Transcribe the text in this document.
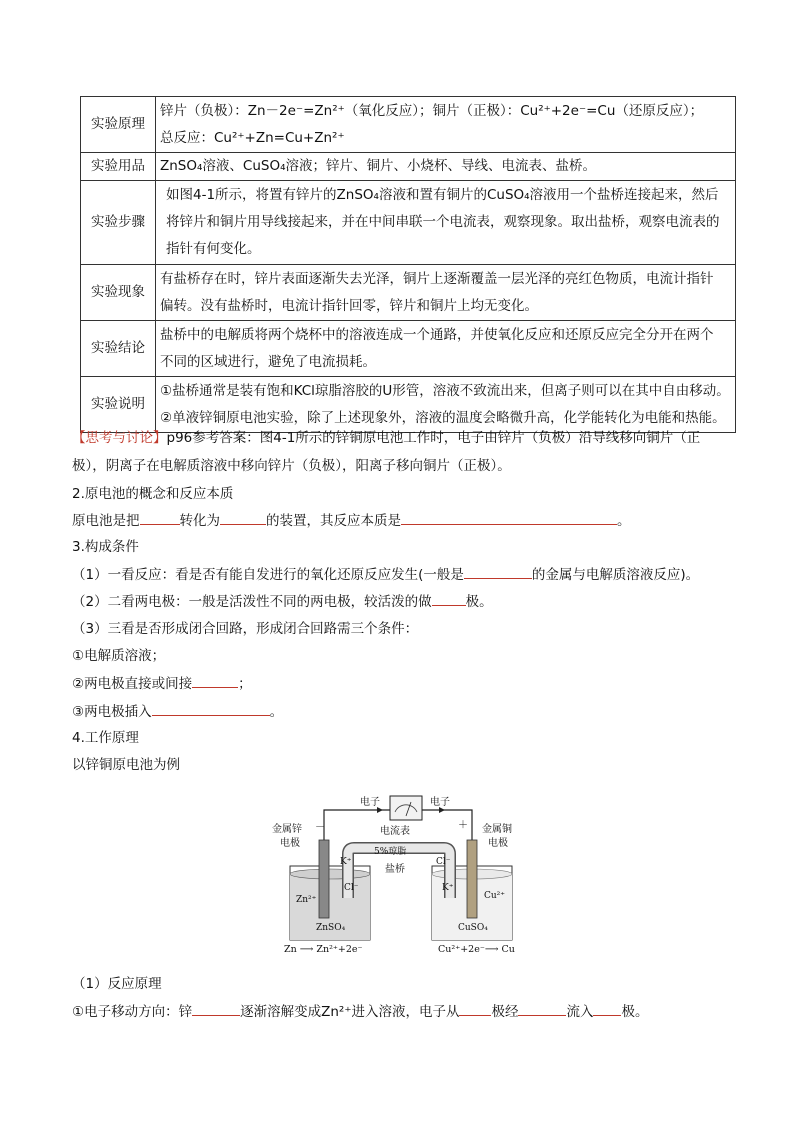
实验原理	锌片（负极）：Zn－2e⁻=Zn²⁺（氧化反应）；铜片（正极）：Cu²⁺+2e⁻=Cu（还原反应）；
总反应：Cu²⁺+Zn=Cu+Zn²⁺

实验用品	ZnSO₄溶液、CuSO₄溶液；锌片、铜片、小烧杯、导线、电流表、盐桥。

实验步骤	如图4-1所示，将置有锌片的ZnSO₄溶液和置有铜片的CuSO₄溶液用一个盐桥连接起来，然后
将锌片和铜片用导线接起来，并在中间串联一个电流表，观察现象。取出盐桥，观察电流表的
指针有何变化。

实验现象	有盐桥存在时，锌片表面逐渐失去光泽，铜片上逐渐覆盖一层光泽的亮红色物质，电流计指针
偏转。没有盐桥时，电流计指针回零，锌片和铜片上均无变化。

实验结论	盐桥中的电解质将两个烧杯中的溶液连成一个通路，并使氧化反应和还原反应完全分开在两个
不同的区域进行，避免了电流损耗。

实验说明	①盐桥通常是装有饱和KCl琼脂溶胶的U形管，溶液不致流出来，但离子则可以在其中自由移动。
②单液锌铜原电池实验，除了上述现象外，溶液的温度会略微升高，化学能转化为电能和热能。
【思考与讨论】p96参考答案：图4-1所示的锌铜原电池工作时，电子由锌片（负极）沿导线移向铜片（正
极），阴离子在电解质溶液中移向锌片（负极），阳离子移向铜片（正极）。
2.原电池的概念和反应本质
原电池是把	转化为	的装置，其反应本质是	。
3.构成条件
（1）一看反应：看是否有能自发进行的氧化还原反应发生(一般是	的金属与电解质溶液反应)。
（2）二看两电极：一般是活泼性不同的两电极，较活泼的做	极。
（3）三看是否形成闭合回路，形成闭合回路需三个条件：
①电解质溶液；
②两电极直接或间接	；
③两电极插入	。
4.工作原理
以锌铜原电池为例
电子	电子
电流表
金属锌
电极
－	金属铜
电极
＋
5%琼脂
盐桥
K⁺	Cl⁻
Cl⁻	K⁺
Zn²⁺	Cu²⁺
ZnSO₄	CuSO₄
Zn ⟶ Zn²⁺+2e⁻	Cu²⁺+2e⁻⟶ Cu
（1）反应原理
①电子移动方向：锌	逐渐溶解变成Zn²⁺进入溶液，电子从 极经	流入 极。
